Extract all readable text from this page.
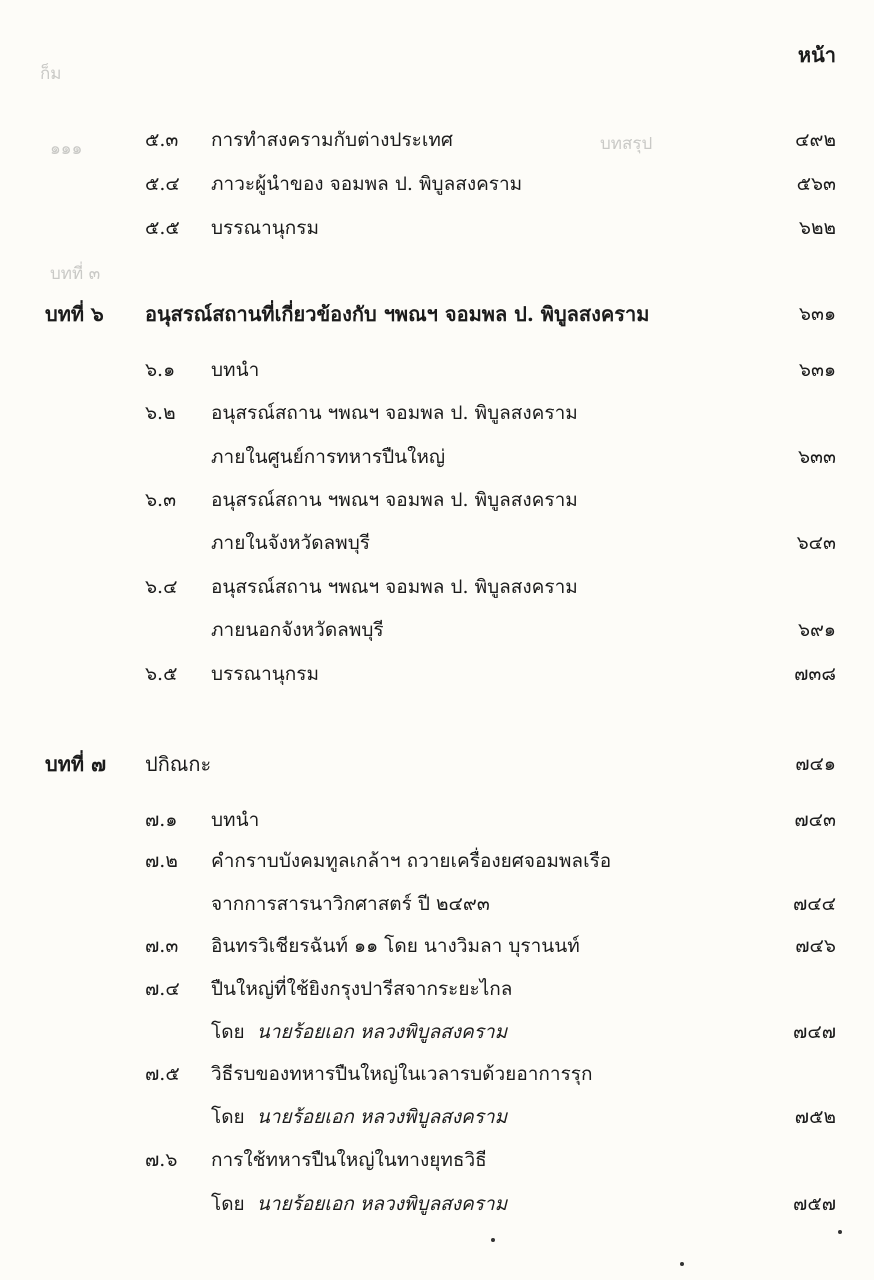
ก็ม
๑๑๑	บทสรุป
บทที่ ๓
หน้า
๕.๓ การทำสงครามกับต่างประเทศ	๔๙๒
๕.๔ ภาวะผู้นำของ จอมพล ป. พิบูลสงคราม	๕๖๓
๕.๕ บรรณานุกรม	๖๒๒
บทที่ ๖ อนุสรณ์สถานที่เกี่ยวข้องกับ ฯพณฯ จอมพล ป. พิบูลสงคราม	๖๓๑
๖.๑ บทนำ	๖๓๑
๖.๒ อนุสรณ์สถาน ฯพณฯ จอมพล ป. พิบูลสงคราม
ภายในศูนย์การทหารปืนใหญ่	๖๓๓
๖.๓ อนุสรณ์สถาน ฯพณฯ จอมพล ป. พิบูลสงคราม
ภายในจังหวัดลพบุรี	๖๔๓
๖.๔ อนุสรณ์สถาน ฯพณฯ จอมพล ป. พิบูลสงคราม
ภายนอกจังหวัดลพบุรี	๖๙๑
๖.๕ บรรณานุกรม	๗๓๘
บทที่ ๗ ปกิณกะ	๗๔๑
๗.๑ บทนำ	๗๔๓
๗.๒ คำกราบบังคมทูลเกล้าฯ ถวายเครื่องยศจอมพลเรือ
จากการสารนาวิกศาสตร์ ปี ๒๔๙๓	๗๔๔
๗.๓ อินทรวิเชียรฉันท์ ๑๑ โดย นางวิมลา บุรานนท์	๗๔๖
๗.๔ ปืนใหญ่ที่ใช้ยิงกรุงปารีสจากระยะไกล
โดย นายร้อยเอก หลวงพิบูลสงคราม	๗๔๗
๗.๕ วิธีรบของทหารปืนใหญ่ในเวลารบด้วยอาการรุก
โดย นายร้อยเอก หลวงพิบูลสงคราม	๗๕๒
๗.๖ การใช้ทหารปืนใหญ่ในทางยุทธวิธี
โดย นายร้อยเอก หลวงพิบูลสงคราม	๗๕๗
